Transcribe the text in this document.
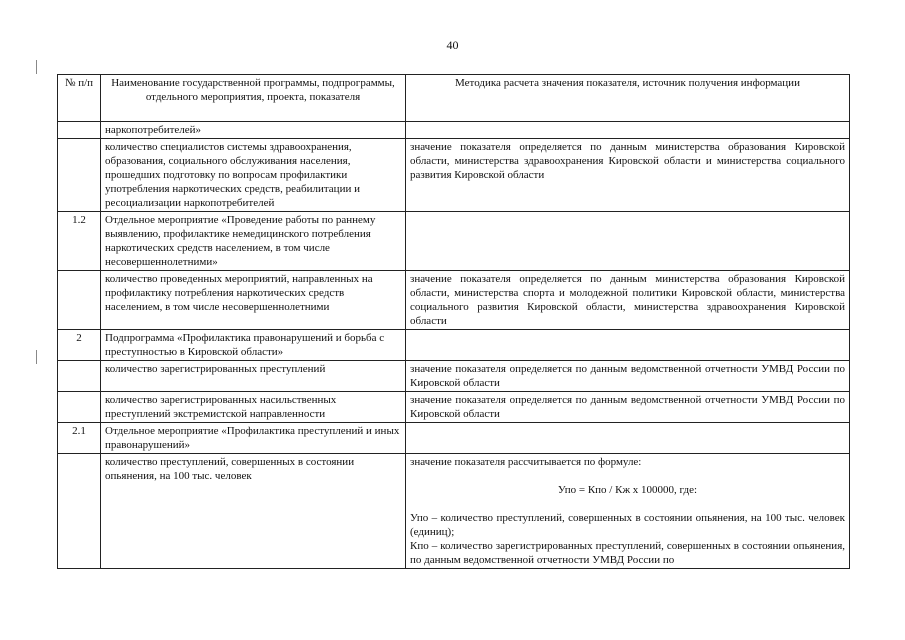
40
№ п/п	Наименование государственной программы, подпрограммы, отдельного мероприятия, проекта, показателя	Методика расчета значения показателя, источник получения информации
	наркопотребителей»	
	количество специалистов системы здравоохранения, образования, социального обслуживания населения, прошедших подготовку по вопросам профилактики употребления наркотических средств, реабилитации и ресоциализации наркопотребителей	значение показателя определяется по данным министерства образования Кировской области, министерства здравоохранения Кировской области и министерства социального развития Кировской области
1.2	Отдельное мероприятие «Проведение работы по раннему выявлению, профилактике немедицинского потребления наркотических средств населением, в том числе несовершеннолетними»	
	количество проведенных мероприятий, направленных на профилактику потребления наркотических средств населением, в том числе несовершеннолетними	значение показателя определяется по данным министерства образования Кировской области, министерства спорта и молодежной политики Кировской области, министерства социального развития Кировской области, министерства здравоохранения Кировской области
2	Подпрограмма «Профилактика правонарушений и борьба с преступностью в Кировской области»	
	количество зарегистрированных преступлений	значение показателя определяется по данным ведомственной отчетности УМВД России по Кировской области
	количество зарегистрированных насильственных преступлений экстремистской направленности	значение показателя определяется по данным ведомственной отчетности УМВД России по Кировской области
2.1	Отдельное мероприятие «Профилактика преступлений и иных правонарушений»	
	количество преступлений, совершенных в состоянии опьянения, на 100 тыс. человек	значение показателя рассчитывается по формуле:

Упо = Кпо / Кж х 100000, где:

Упо – количество преступлений, совершенных в состоянии опьянения, на 100 тыс. человек (единиц);

Кпо – количество зарегистрированных преступлений, совершенных в состоянии опьянения, по данным ведомственной отчетности УМВД России по
